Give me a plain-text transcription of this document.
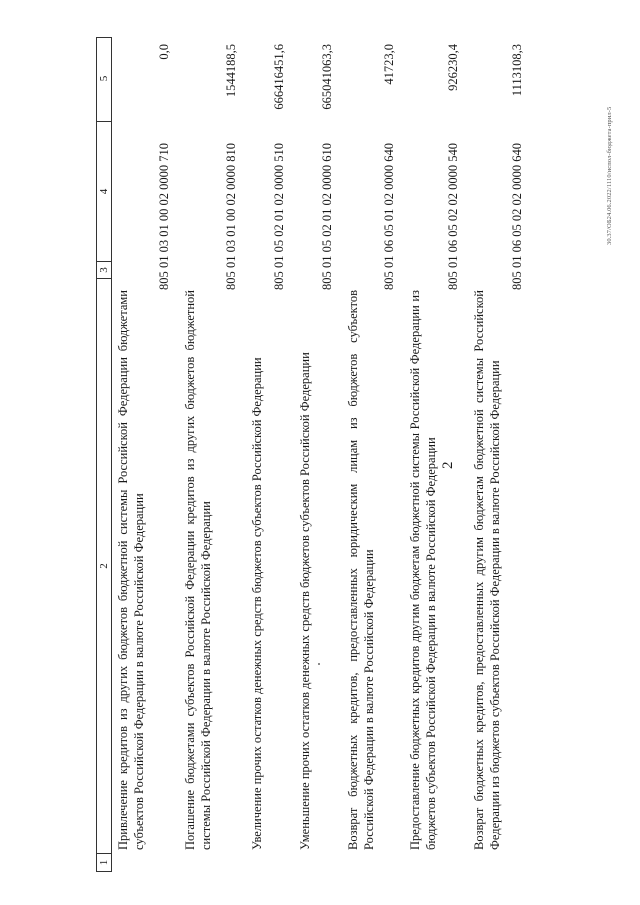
2
1
2
3
4
5
Привлечение кредитов из других бюджетов бюджетной системы Российской Федерации бюджетами субъектов Российской Федерации в валюте Российской Федерации
805
01 03 01 00 02 0000 710
0,0
Погашение бюджетами субъектов Российской Федерации кредитов из других бюджетов бюджетной системы Российской Федерации в валюте Российской Федерации
805
01 03 01 00 02 0000 810
1544188,5
Увеличение прочих остатков денежных средств бюджетов субъектов Российской Федерации
805
01 05 02 01 02 0000 510
666416451,6
Уменьшение прочих остатков денежных средств бюджетов субъектов Российской Федерации
805
01 05 02 01 02 0000 610
665041063,3
Возврат бюджетных кредитов, предоставленных юридическим лицам из бюджетов субъектов Российской Федерации в валюте Российской Федерации
805
01 06 05 01 02 0000 640
41723,0
Предоставление бюджетных кредитов другим бюджетам бюджетной системы Российской Федерации из бюджетов субъектов Российской Федерации в валюте Российской Федерации
805
01 06 05 02 02 0000 540
926230,4
Возврат бюджетных кредитов, предоставленных другим бюджетам бюджетной системы Российской Федерации из бюджетов субъектов Российской Федерации в валюте Российской Федерации
805
01 06 05 02 02 0000 640
1113108,3
30.37/ОБ24.06.2022/1110/испол-бюджета-прил-5
